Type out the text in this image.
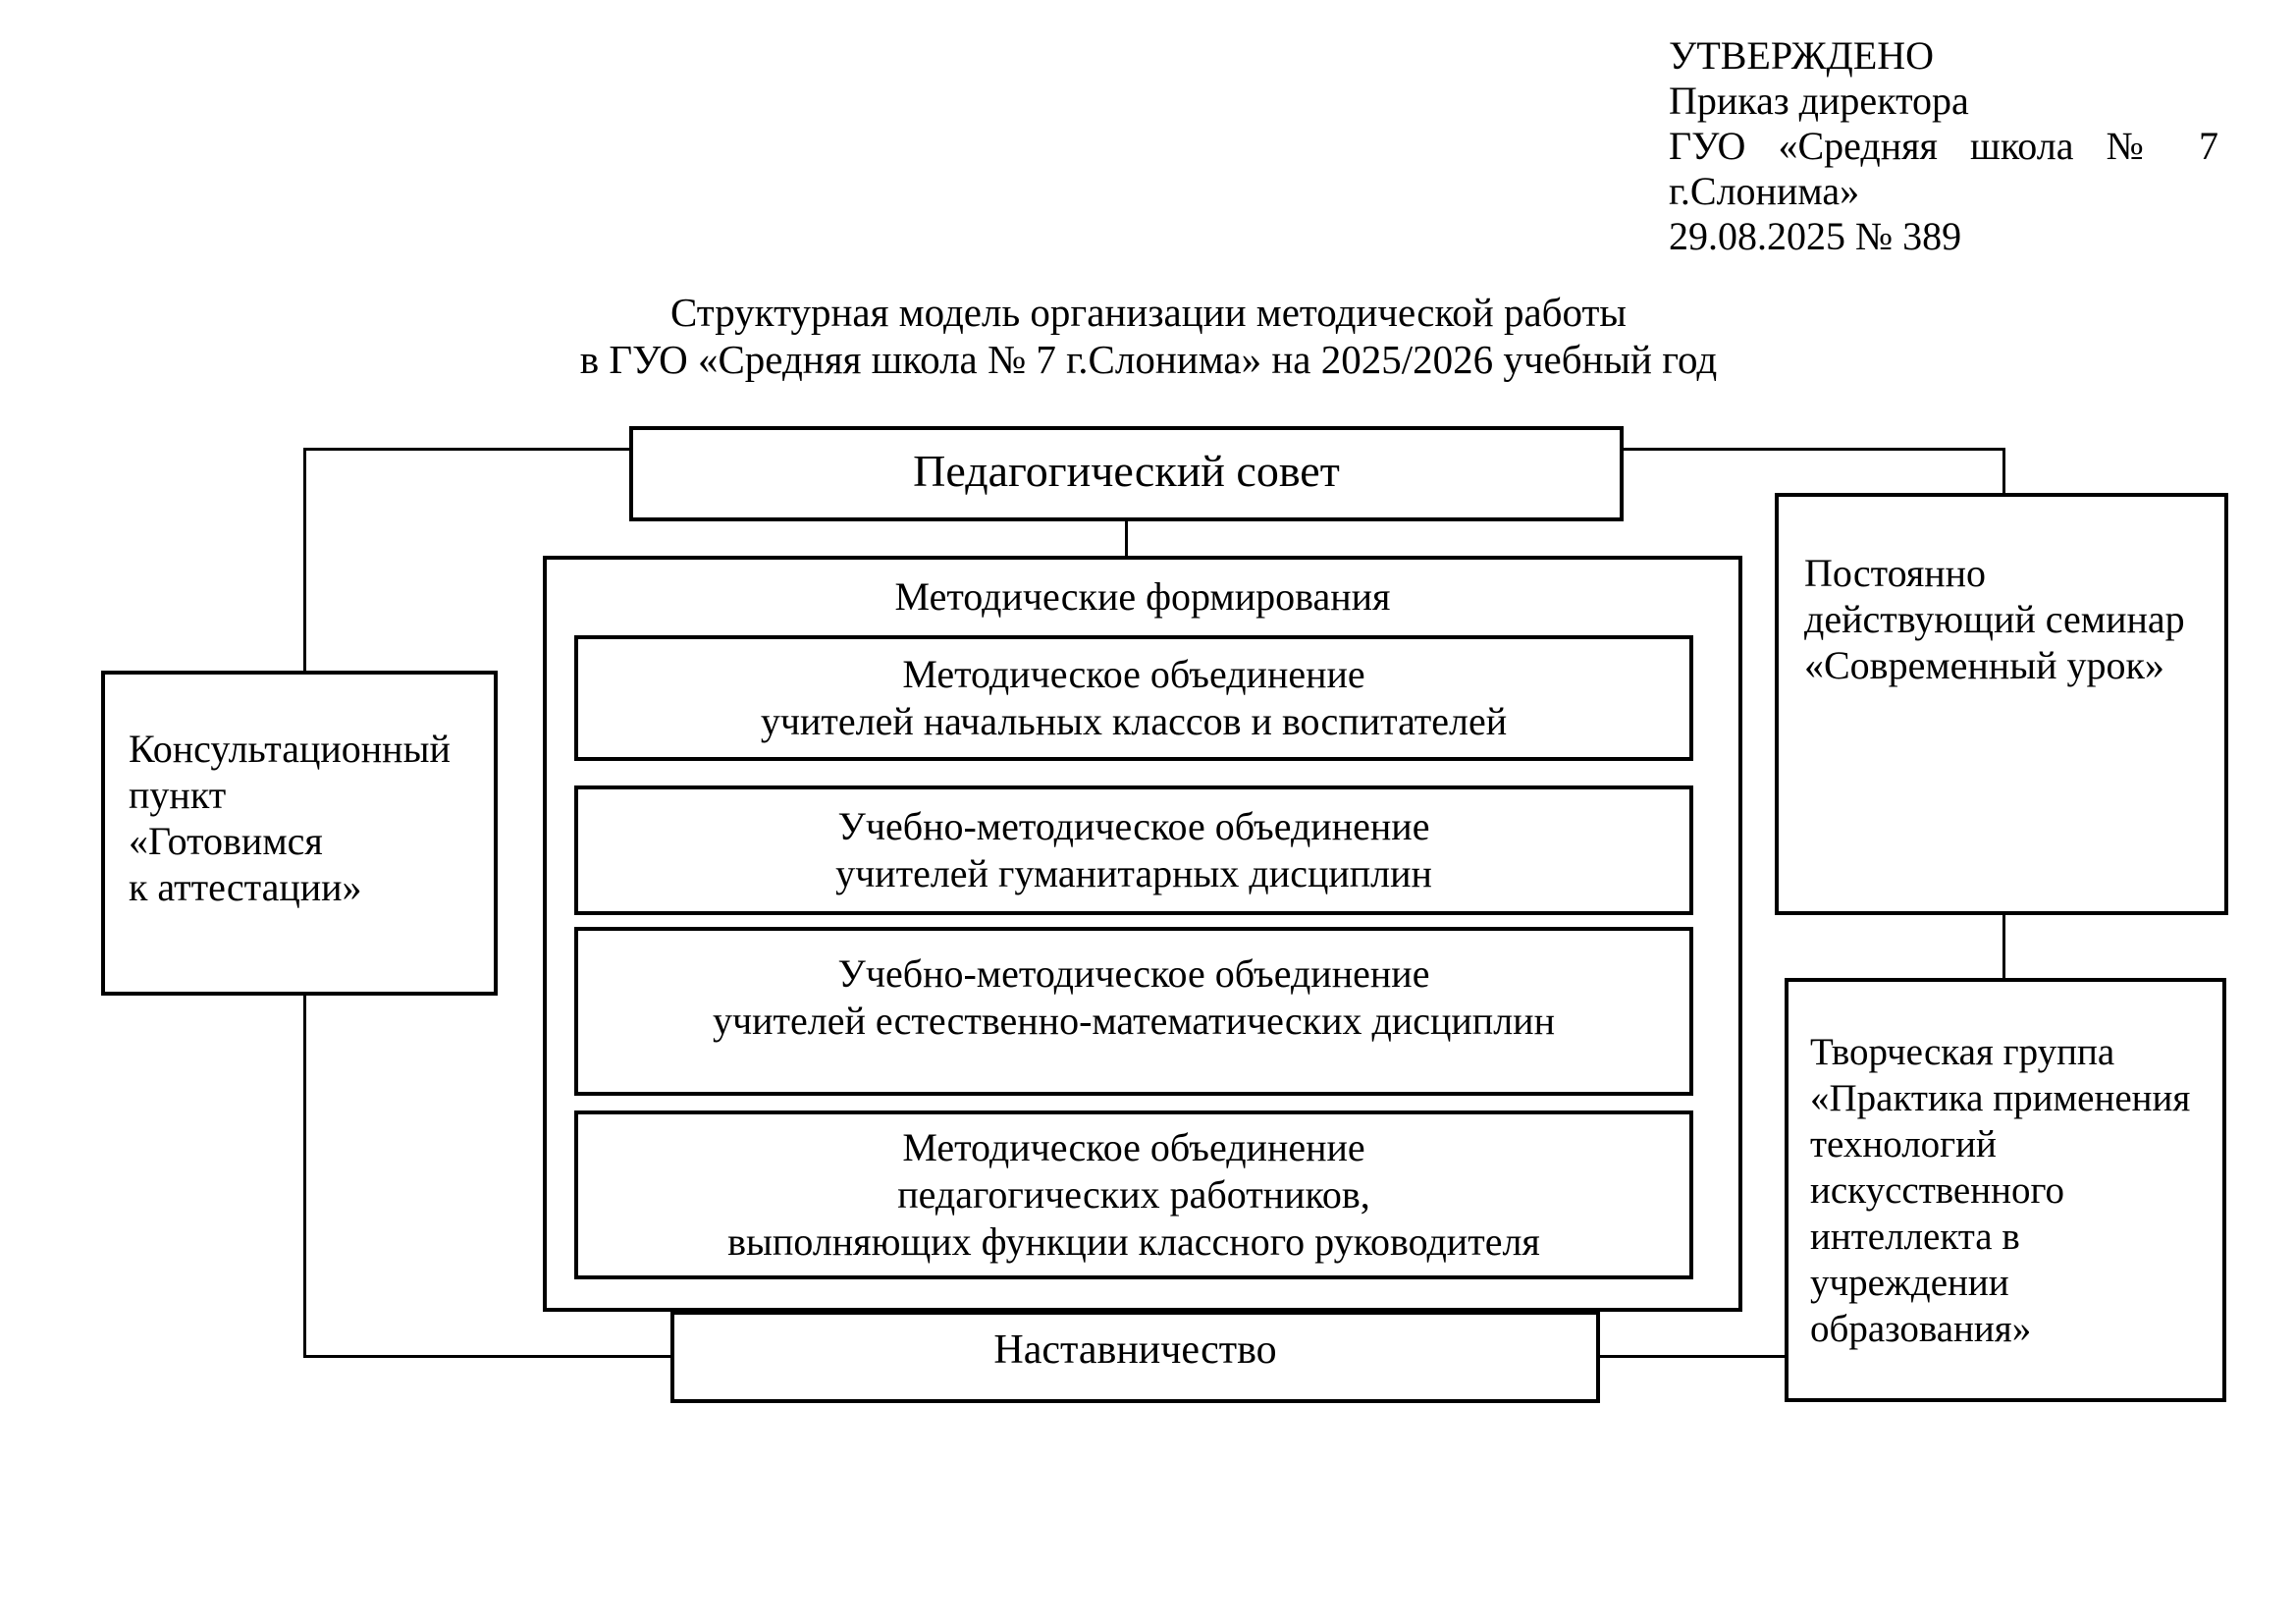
УТВЕРЖДЕНО
Приказ директора
ГУО «Средняя школа № 7
г.Слонима»
29.08.2025 № 389
Структурная модель организации методической работы
в ГУО «Средняя школа № 7 г.Слонима» на 2025/2026 учебный год
Педагогический совет
Методические формирования
Методическое объединение
учителей начальных классов и воспитателей
Учебно-методическое объединение
учителей гуманитарных дисциплин
Учебно-методическое объединение
учителей естественно-математических дисциплин
Методическое объединение
педагогических работников,
выполняющих функции классного руководителя
Консультационный
пункт
«Готовимся
к аттестации»
Постоянно
действующий семинар
«Современный урок»
Творческая группа
«Практика применения
технологий
искусственного
интеллекта в
учреждении
образования»
Наставничество
